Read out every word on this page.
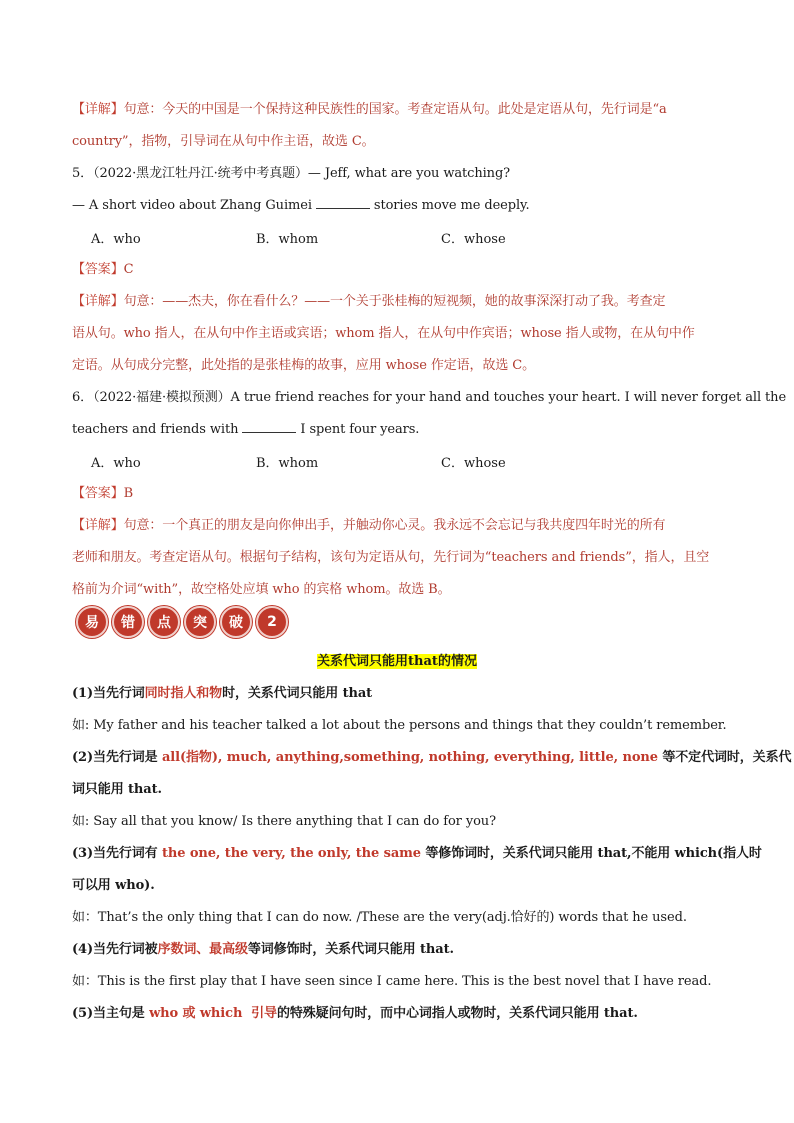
【详解】句意：今天的中国是一个保持这种民族性的国家。考查定语从句。此处是定语从句，先行词是“a
country”，指物，引导词在从句中作主语，故选 C。
5．（2022·黑龙江牡丹江·统考中考真题）— Jeff, what are you watching?
— A short video about Zhang Guimei	stories move me deeply.
A．who	B．whom	C．whose
【答案】C
【详解】句意：——杰夫，你在看什么？——一个关于张桂梅的短视频，她的故事深深打动了我。考查定
语从句。who 指人，在从句中作主语或宾语；whom 指人，在从句中作宾语；whose 指人或物，在从句中作
定语。从句成分完整，此处指的是张桂梅的故事，应用 whose 作定语，故选 C。
6．（2022·福建·模拟预测）A true friend reaches for your hand and touches your heart. I will never forget all the
teachers and friends with	I spent four years.
A．who	B．whom	C．whose
【答案】B
【详解】句意：一个真正的朋友是向你伸出手，并触动你心灵。我永远不会忘记与我共度四年时光的所有
老师和朋友。考查定语从句。根据句子结构，该句为定语从句，先行词为“teachers and friends”，指人，且空
格前为介词“with”，故空格处应填 who 的宾格 whom。故选 B。
易	错	点	突	破	2
关系代词只能用that的情况
(1)当先行词同时指人和物时，关系代词只能用 that
如: My father and his teacher talked a lot about the persons and things that they couldn’t remember.
(2)当先行词是 all(指物), much, anything,something, nothing, everything, little, none 等不定代词时，关系代
词只能用 that.
如: Say all that you know/ Is there anything that I can do for you?
(3)当先行词有 the one, the very, the only, the same 等修饰词时，关系代词只能用 that,不能用 which(指人时
可以用 who).
如：That’s the only thing that I can do now. /These are the very(adj.恰好的) words that he used.
(4)当先行词被序数词、最高级等词修饰时，关系代词只能用 that.
如：This is the first play that I have seen since I came here. This is the best novel that I have read.
(5)当主句是 who 或 which 引导的特殊疑问句时，而中心词指人或物时，关系代词只能用 that.
